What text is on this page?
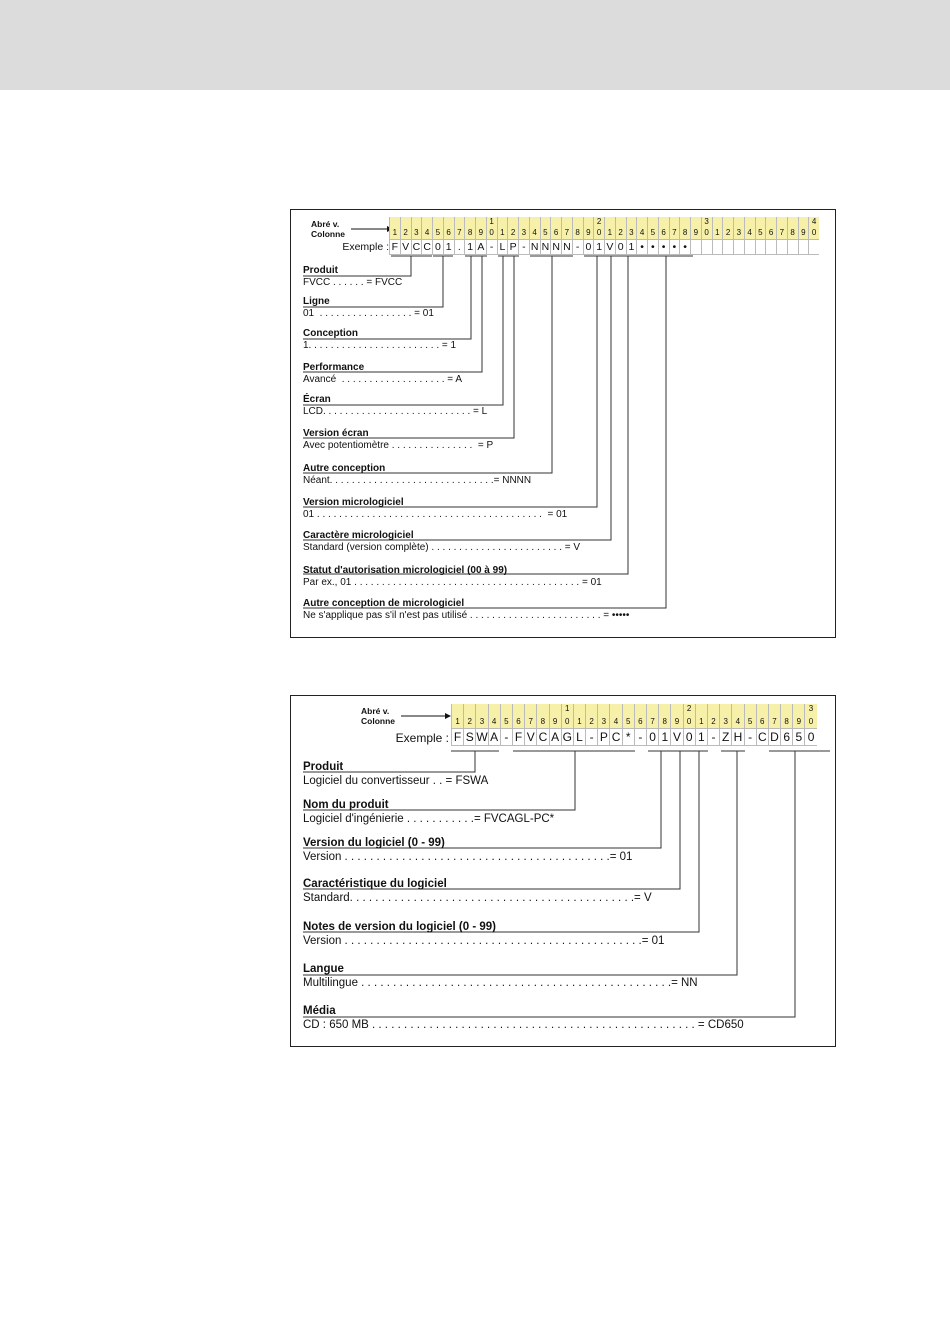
Abré v.
Colonne
Exemple :
1
F
2
V
3
C
4
C
5
0
6
1
7
.
8
1
9
A
1
0
-
1
L
2
P
3
-
4
N
5
N
6
N
7
N
8
-
9
0
2
0
1
1
V
2
0
3
1
4
•
5
•
6
•
7
•
8
•
9
3
0 1 2 3 4 5 6 7 8 9
4
0
Produit
FVCC . . . . . . = FVCC
Ligne
01  . . . . . . . . . . . . . . . . . = 01
Conception
1. . . . . . . . . . . . . . . . . . . . . . . . = 1
Performance
Avancé  . . . . . . . . . . . . . . . . . . . = A
Écran
LCD. . . . . . . . . . . . . . . . . . . . . . . . . . . = L
Version écran
Avec potentiomètre . . . . . . . . . . . . . . .  = P
Autre conception
Néant. . . . . . . . . . . . . . . . . . . . . . . . . . . . . .= NNNN
Version micrologiciel
01 . . . . . . . . . . . . . . . . . . . . . . . . . . . . . . . . . . . . . . . . .  = 01
Caractère micrologiciel
Standard (version complète) . . . . . . . . . . . . . . . . . . . . . . . . = V
Statut d'autorisation micrologiciel (00 à 99)
Par ex., 01 . . . . . . . . . . . . . . . . . . . . . . . . . . . . . . . . . . . . . . . . . = 01
Autre conception de micrologiciel
Ne s'applique pas s'il n'est pas utilisé . . . . . . . . . . . . . . . . . . . . . . . . = •••••
Abré v.
Colonne
Exemple :
1
F
2
S
3
W
4
A
5
-
6
F
7
V
8
C
9
A
1
0
G
1
L
2
-
3
P
4
C
5
*
6
-
7
0
8
1
9
V
2
0
0
1
1
2
-
3
Z
4
H
5
-
6
C
7
D
8
6
9
5
3
0
0
Produit
Logiciel du convertisseur . . = FSWA
Nom du produit
Logiciel d'ingénierie . . . . . . . . . . .= FVCAGL-PC*
Version du logiciel (0 - 99)
Version . . . . . . . . . . . . . . . . . . . . . . . . . . . . . . . . . . . . . . . . . .= 01
Caractéristique du logiciel
Standard. . . . . . . . . . . . . . . . . . . . . . . . . . . . . . . . . . . . . . . . . . . . .= V
Notes de version du logiciel (0 - 99)
Version . . . . . . . . . . . . . . . . . . . . . . . . . . . . . . . . . . . . . . . . . . . . . . .= 01
Langue
Multilingue . . . . . . . . . . . . . . . . . . . . . . . . . . . . . . . . . . . . . . . . . . . . . . . . .= NN
Média
CD : 650 MB . . . . . . . . . . . . . . . . . . . . . . . . . . . . . . . . . . . . . . . . . . . . . . . . . . . = CD650
